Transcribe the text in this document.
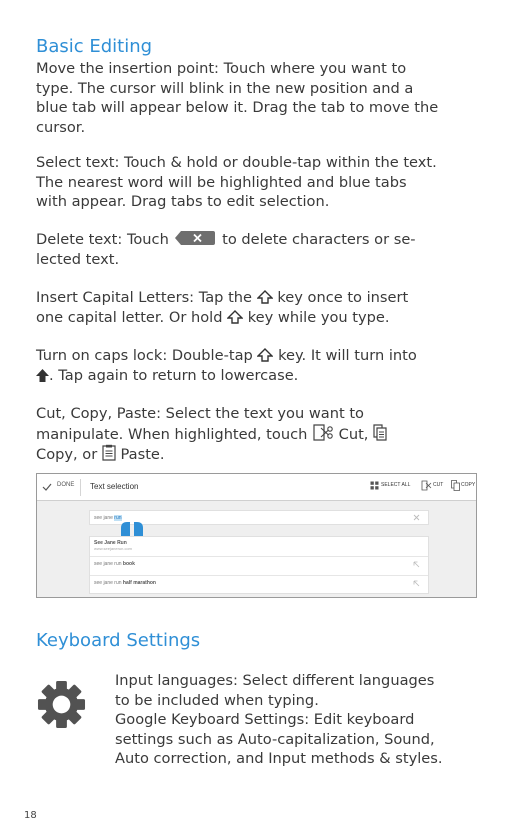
Basic Editing
Move the insertion point: Touch where you want to
type. The cursor will blink in the new position and a
blue tab will appear below it. Drag the tab to move the
cursor.
Select text: Touch & hold or double-tap within the text.
The nearest word will be highlighted and blue tabs
with appear. Drag tabs to edit selection.
Delete text: Touch	to delete characters or se-
lected text.
Insert Capital Letters: Tap the key once to insert
one capital letter. Or hold key while you type.
Turn on caps lock: Double-tap key. It will turn into
. Tap again to return to lowercase.
Cut, Copy, Paste: Select the text you want to
manipulate. When highlighted, touch Cut,
Copy, or Paste.
DONE Text selection	SELECT ALL	CUT	COPY
see jane run
See Jane Run
www.seejanerun.com
see jane run book
see jane run half marathon
Keyboard Settings
Input languages: Select different languages
to be included when typing.
Google Keyboard Settings: Edit keyboard
settings such as Auto-capitalization, Sound,
Auto correction, and Input methods & styles.
18
